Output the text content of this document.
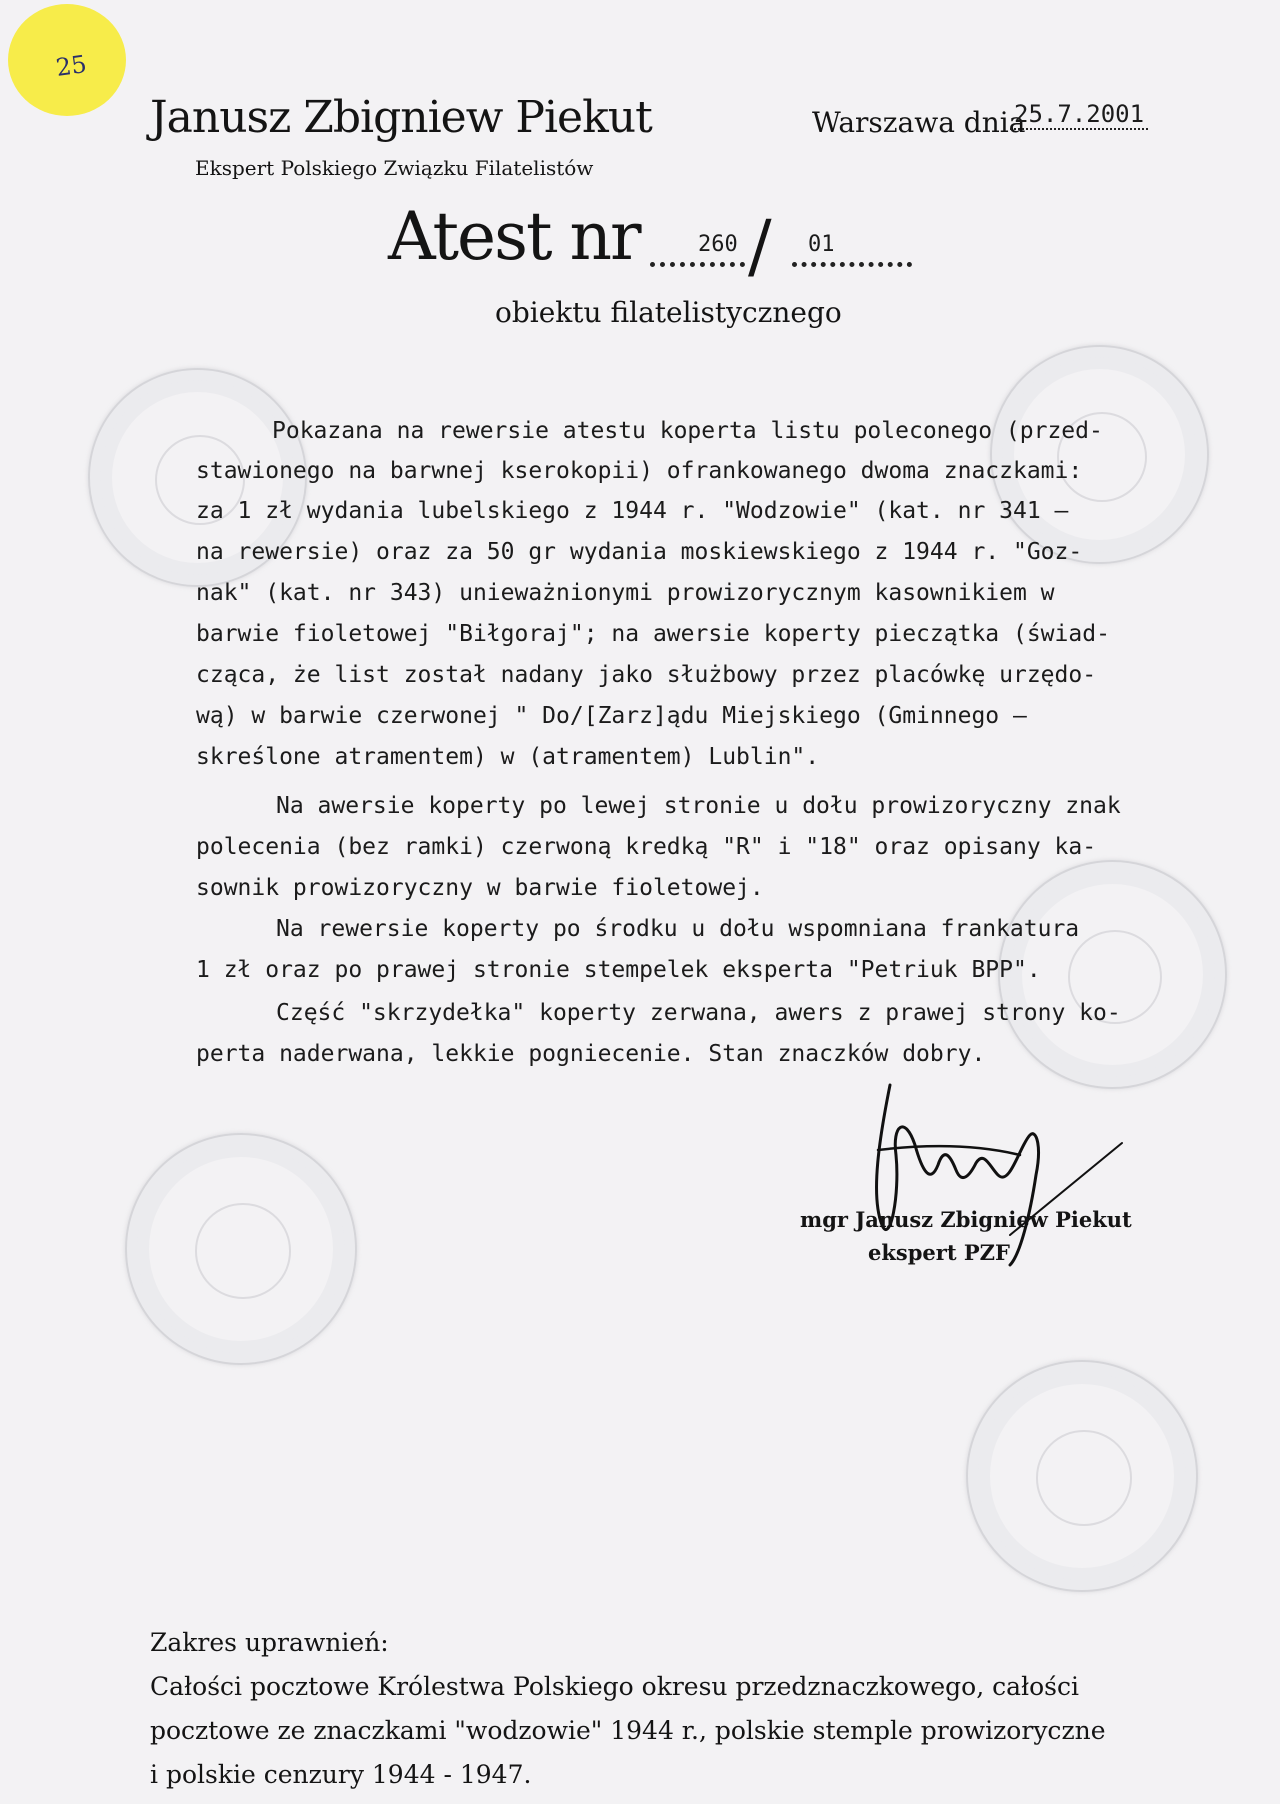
25
Janusz Zbigniew Piekut
Ekspert Polskiego Związku Filatelistów
Warszawa dnia
25.7.2001
Atest nr /
260	01
obiektu filatelistycznego
Pokazana na rewersie atestu koperta listu poleconego (przed-
stawionego na barwnej kserokopii) ofrankowanego dwoma znaczkami:
za 1 zł wydania lubelskiego z 1944 r. "Wodzowie" (kat. nr 341 —
na rewersie) oraz za 50 gr wydania moskiewskiego z 1944 r. "Goz-
nak" (kat. nr 343) unieważnionymi prowizorycznym kasownikiem w
barwie fioletowej "Biłgoraj"; na awersie koperty pieczątka (świad-
cząca, że list został nadany jako służbowy przez placówkę urzędo-
wą) w barwie czerwonej " Do/[Zarz]ądu Miejskiego (Gminnego —
skreślone atramentem) w (atramentem) Lublin".
Na awersie koperty po lewej stronie u dołu prowizoryczny znak
polecenia (bez ramki) czerwoną kredką "R" i "18" oraz opisany ka-
sownik prowizoryczny w barwie fioletowej.
Na rewersie koperty po środku u dołu wspomniana frankatura
1 zł oraz po prawej stronie stempelek eksperta "Petriuk BPP".
Część "skrzydełka" koperty zerwana, awers z prawej strony ko-
perta naderwana, lekkie pogniecenie. Stan znaczków dobry.
mgr Janusz Zbigniew Piekut
ekspert PZF
Zakres uprawnień:
Całości pocztowe Królestwa Polskiego okresu przedznaczkowego, całości
pocztowe ze znaczkami "wodzowie" 1944 r., polskie stemple prowizoryczne
i polskie cenzury 1944 - 1947.
